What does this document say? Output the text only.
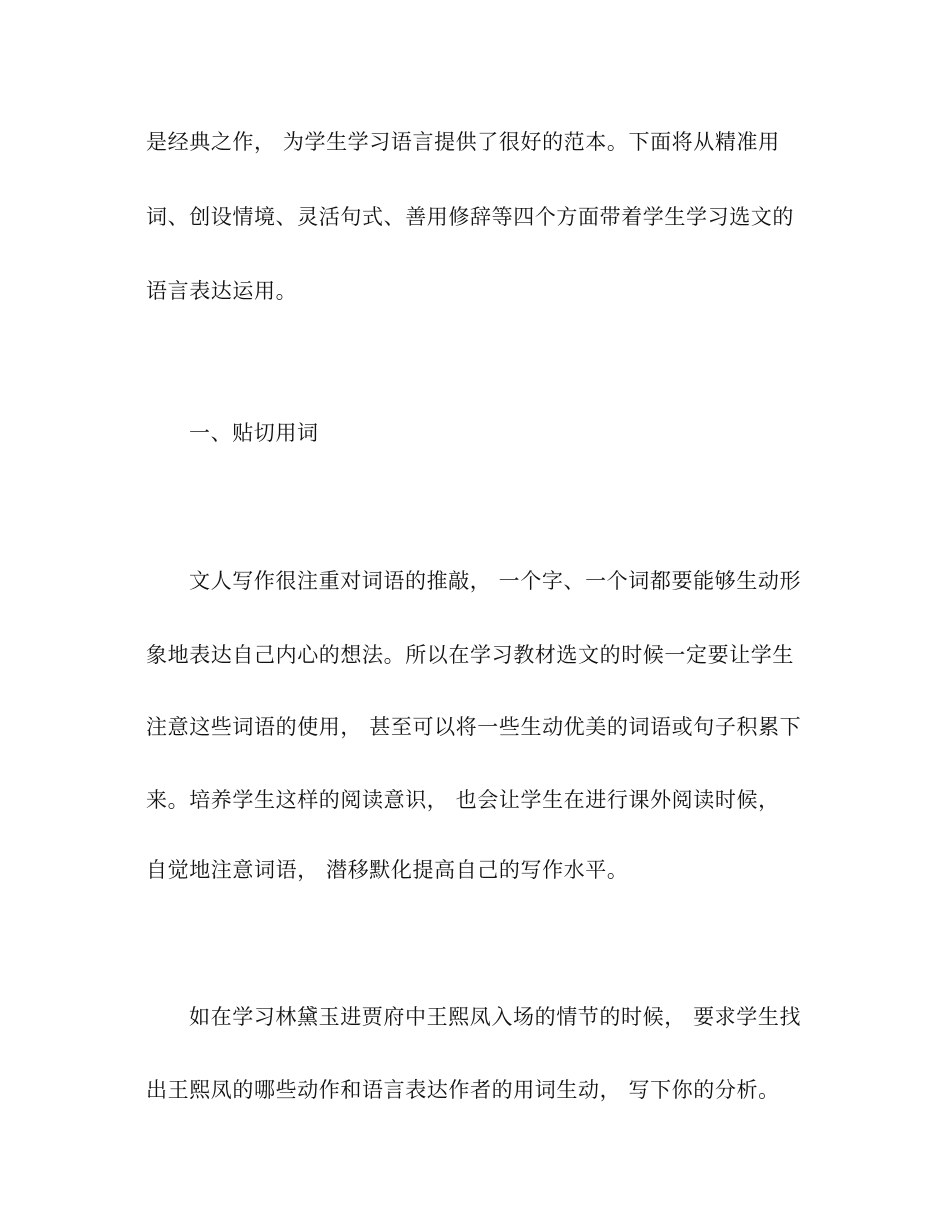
是经典之作， 为学生学习语言提供了很好的范本。下面将从精准用
词、创设情境、灵活句式、善用修辞等四个方面带着学生学习选文的
语言表达运用。
一、贴切用词
文人写作很注重对词语的推敲， 一个字、一个词都要能够生动形
象地表达自己内心的想法。所以在学习教材选文的时候一定要让学生
注意这些词语的使用， 甚至可以将一些生动优美的词语或句子积累下
来。培养学生这样的阅读意识， 也会让学生在进行课外阅读时候，
自觉地注意词语， 潜移默化提高自己的写作水平。
如在学习林黛玉进贾府中王熙凤入场的情节的时候， 要求学生找
出王熙凤的哪些动作和语言表达作者的用词生动， 写下你的分析。
